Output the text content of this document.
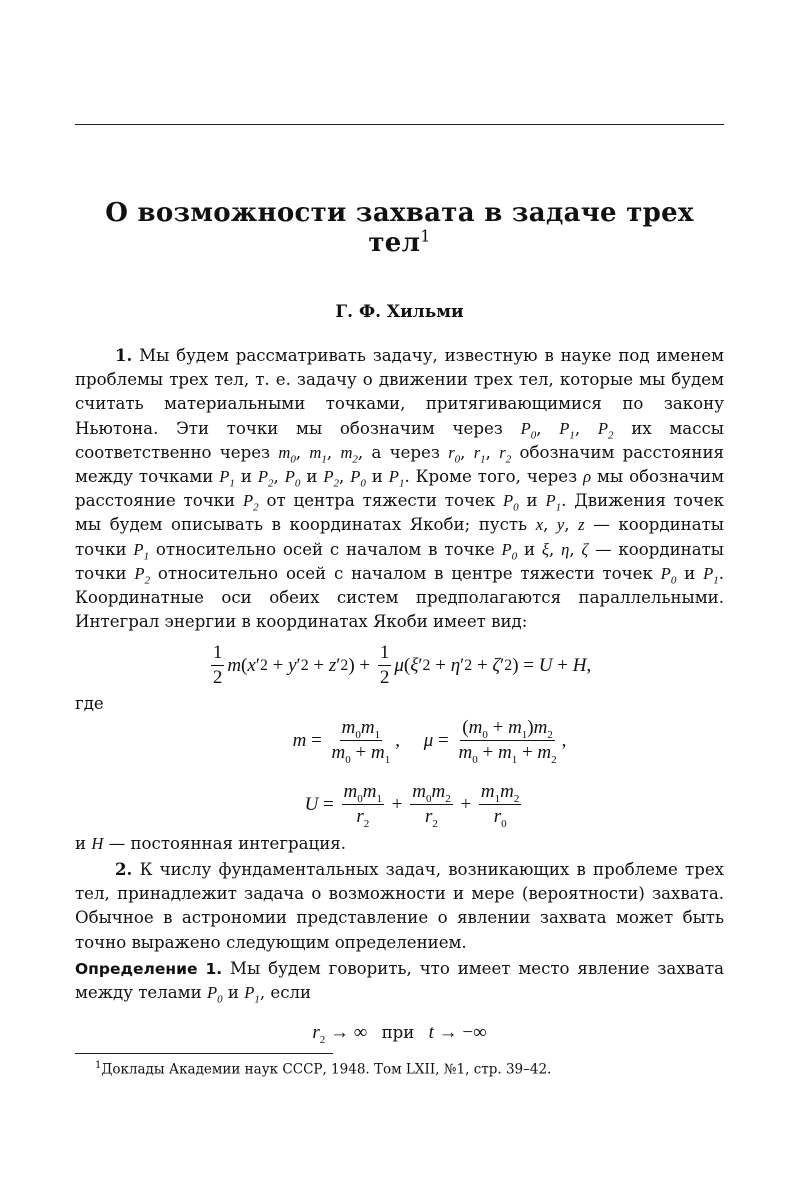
О возможности захвата в задаче трех тел$^1$
Г. Ф. Хильми
1. Мы будем рассматривать задачу, известную в науке под именем проблемы трех тел, т. е. задачу о движении трех тел, которые мы будем считать материальными точками, притягивающимися по закону Ньютона. Эти точки мы обозначим через $P_0$, $P_1$, $P_2$ их массы соответственно через $m_0$, $m_1$, $m_2$, а через $r_0$, $r_1$, $r_2$ обозначим расстояния между точками $P_1$ и $P_2$, $P_0$ и $P_2$, $P_0$ и $P_1$. Кроме того, через ρ мы обозначим расстояние точки $P_2$ от центра тяжести точек $P_0$ и $P_1$. Движения точек мы будем описывать в координатах Якоби; пусть x, y, z — координаты точки $P_1$ относительно осей с началом в точке $P_0$ и ξ, η, ζ — координаты точки $P_2$ относительно осей с началом в центре тяжести точек $P_0$ и $P_1$. Координатные оси обеих систем предполагаются параллельными. Интеграл энергии в координатах Якоби имеет вид:
$\frac{1}{2}$ m ( x ′ 2 + y ′ 2 + z ′ 2 ) + $\frac{1}{2}$ μ ( ξ ′ 2 + η ′ 2 + ζ ′ 2 ) = U + H ,
где
$m = \frac{m_0m_1}{m_0 + m_1}$ , $\mu = \frac{(m_0 + m_1)m_2}{m_0 + m_1 + m_2}$ ,
$U = \frac{m_0m_1}{r_2} + \frac{m_0m_2}{r_2} + \frac{m_1m_2}{r_0}$
и H — постоянная интеграция.
2. К числу фундаментальных задач, возникающих в проблеме трех тел, принадлежит задача о возможности и мере (вероятности) захвата. Обычное в астрономии представление о явлении захвата может быть точно выражено следующим определением.
Определение 1. Мы будем говорить, что имеет место явление захвата между телами $P_0$ и $P_1$, если
$r_2$ → ∞   при t → −∞
$^1$Доклады Академии наук СССР, 1948. Том LXII, №1, стр. 39–42.
